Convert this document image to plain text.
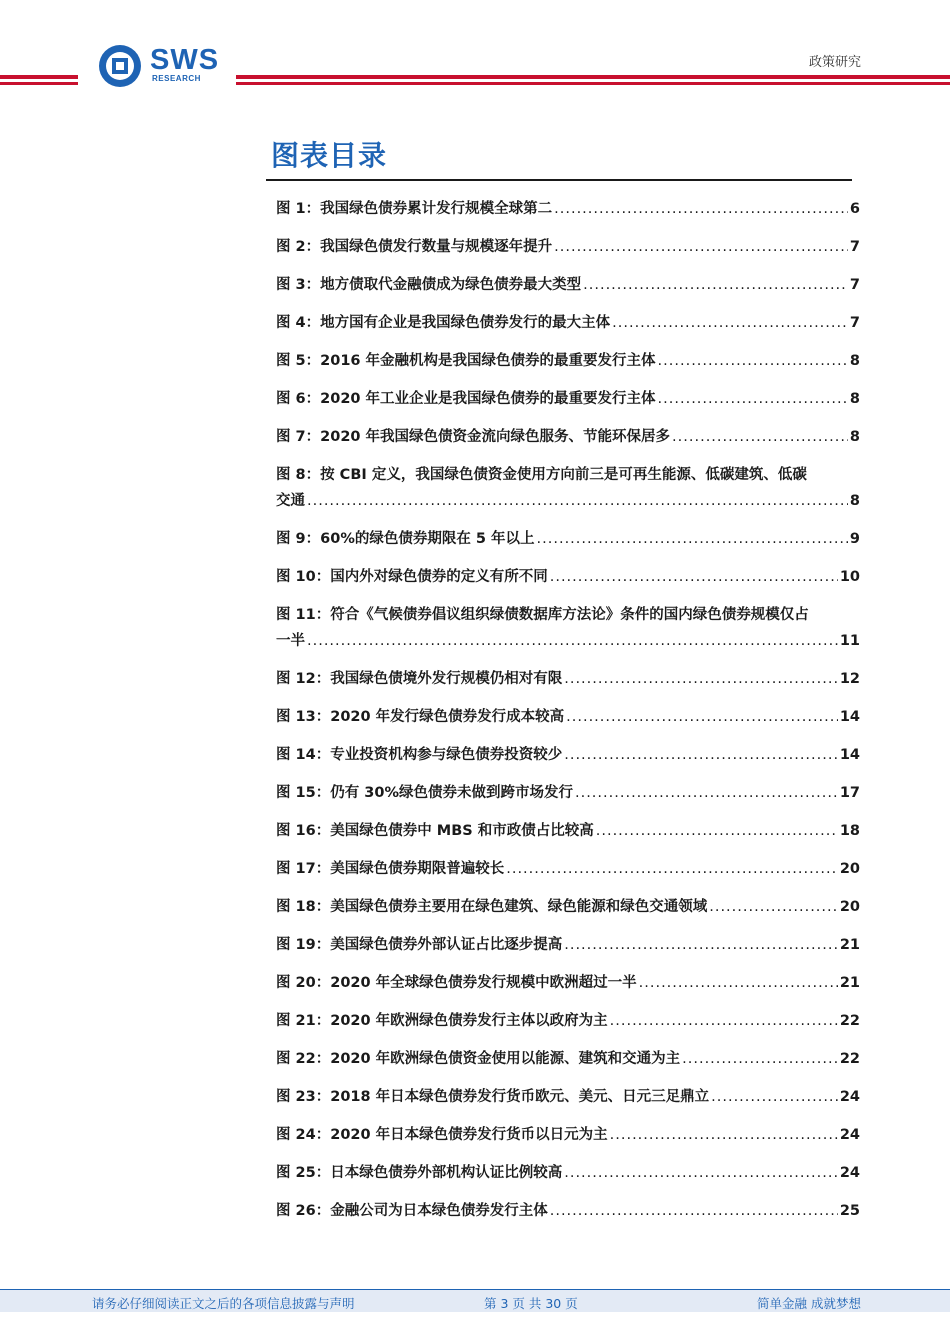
SWS
RESEARCH
政策研究
图表目录
图 1：我国绿色债券累计发行规模全球第二 .....	6
图 2：我国绿色债发行数量与规模逐年提升 .....	7
图 3：地方债取代金融债成为绿色债券最大类型 .....	7
图 4：地方国有企业是我国绿色债券发行的最大主体 .....	7
图 5：2016 年金融机构是我国绿色债券的最重要发行主体 .....	8
图 6：2020 年工业企业是我国绿色债券的最重要发行主体 .....	8
图 7：2020 年我国绿色债资金流向绿色服务、节能环保居多 .....	8
图 8：按 CBI 定义，我国绿色债资金使用方向前三是可再生能源、低碳建筑、低碳
交通 .....	8
图 9：60%的绿色债券期限在 5 年以上 .....	9
图 10：国内外对绿色债券的定义有所不同 .....	10
图 11：符合《气候债券倡议组织绿债数据库方法论》条件的国内绿色债券规模仅占
一半 .....	11
图 12：我国绿色债境外发行规模仍相对有限 .....	12
图 13：2020 年发行绿色债券发行成本较高 .....	14
图 14：专业投资机构参与绿色债券投资较少 .....	14
图 15：仍有 30%绿色债券未做到跨市场发行 .....	17
图 16：美国绿色债券中 MBS 和市政债占比较高 .....	18
图 17：美国绿色债券期限普遍较长 .....	20
图 18：美国绿色债券主要用在绿色建筑、绿色能源和绿色交通领域 .....	20
图 19：美国绿色债券外部认证占比逐步提高 .....	21
图 20：2020 年全球绿色债券发行规模中欧洲超过一半 .....	21
图 21：2020 年欧洲绿色债券发行主体以政府为主 .....	22
图 22：2020 年欧洲绿色债资金使用以能源、建筑和交通为主 .....	22
图 23：2018 年日本绿色债券发行货币欧元、美元、日元三足鼎立 .....	24
图 24：2020 年日本绿色债券发行货币以日元为主 .....	24
图 25：日本绿色债券外部机构认证比例较高 .....	24
图 26：金融公司为日本绿色债券发行主体 .....	25
请务必仔细阅读正文之后的各项信息披露与声明	第 3 页 共 30 页	简单金融 成就梦想
